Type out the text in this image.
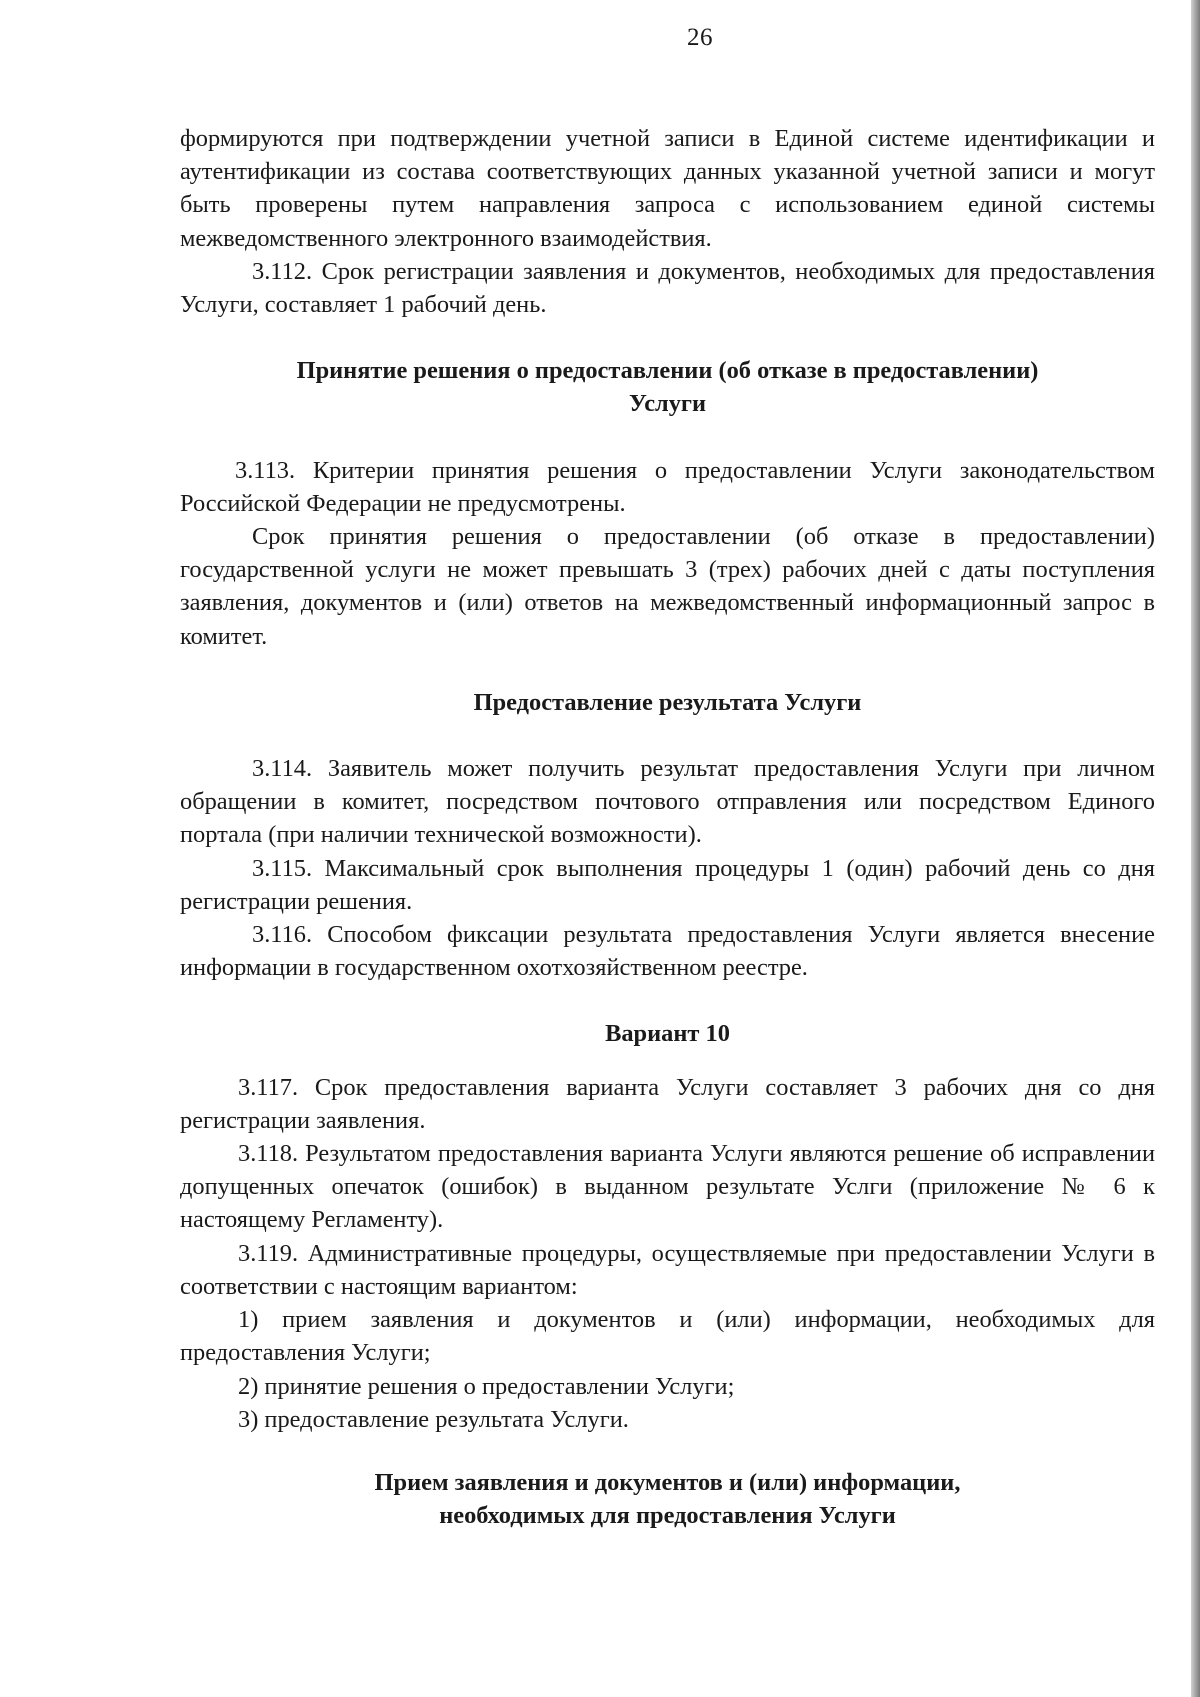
26

формируются при подтверждении учетной записи в Единой системе идентификации и аутентификации из состава соответствующих данных указанной учетной записи и могут быть проверены путем направления запроса с использованием единой системы межведомственного электронного взаимодействия.

3.112. Срок регистрации заявления и документов, необходимых для предоставления Услуги, составляет 1 рабочий день.

Принятие решения о предоставлении (об отказе в предоставлении)
Услуги

3.113. Критерии принятия решения о предоставлении Услуги законодательством Российской Федерации не предусмотрены.

Срок принятия решения о предоставлении (об отказе в предоставлении) государственной услуги не может превышать 3 (трех) рабочих дней с даты поступления заявления, документов и (или) ответов на межведомственный информационный запрос в комитет.

Предоставление результата Услуги

3.114. Заявитель может получить результат предоставления Услуги при личном обращении в комитет, посредством почтового отправления или посредством Единого портала (при наличии технической возможности).

3.115. Максимальный срок выполнения процедуры 1 (один) рабочий день со дня регистрации решения.

3.116. Способом фиксации результата предоставления Услуги является внесение информации в государственном охотхозяйственном реестре.

Вариант 10

3.117. Срок предоставления варианта Услуги составляет 3 рабочих дня со дня регистрации заявления.

3.118. Результатом предоставления варианта Услуги являются решение об исправлении допущенных опечаток (ошибок) в выданном результате Услги (приложение № 6 к настоящему Регламенту).

3.119. Административные процедуры, осуществляемые при предоставлении Услуги в соответствии с настоящим вариантом:

1) прием заявления и документов и (или) информации, необходимых для предоставления Услуги;

2) принятие решения о предоставлении Услуги;

3) предоставление результата Услуги.

Прием заявления и документов и (или) информации,
необходимых для предоставления Услуги
